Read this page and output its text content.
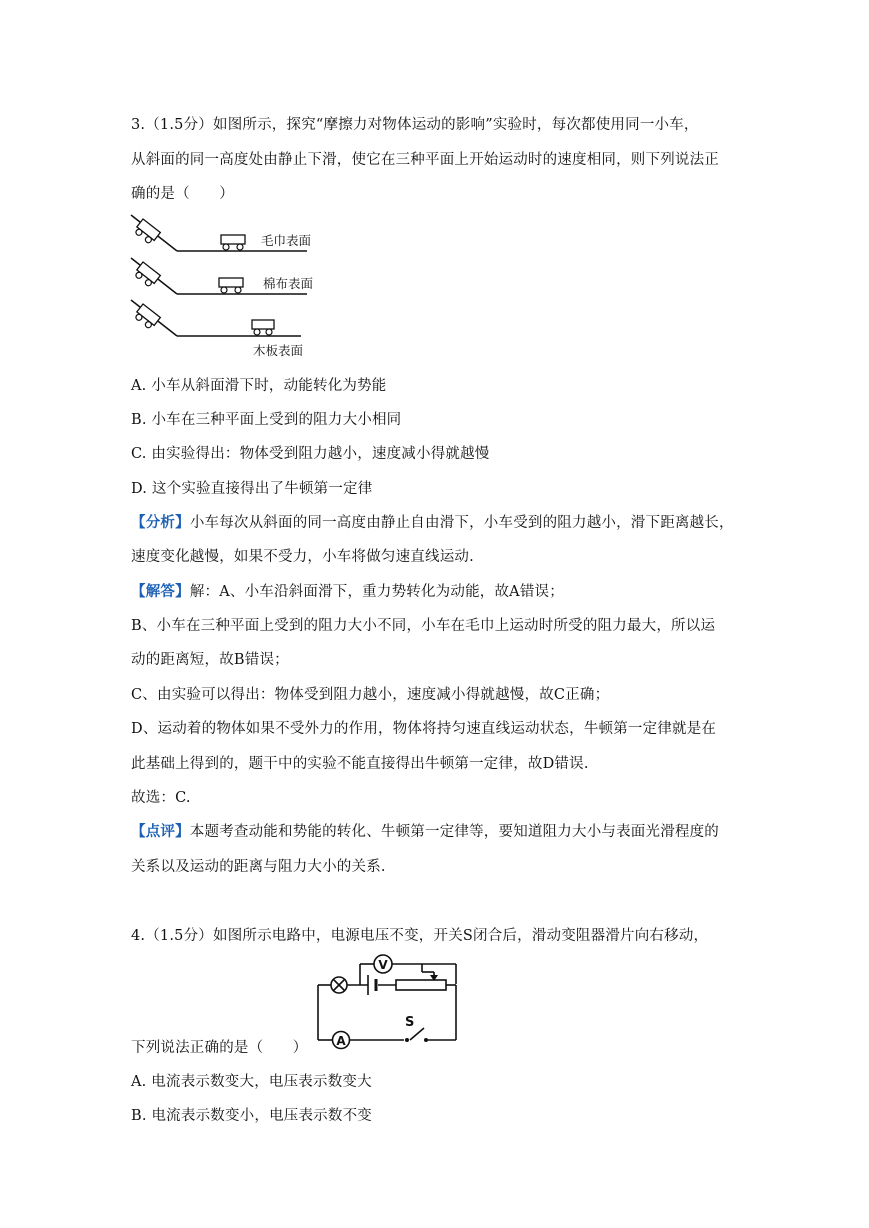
3.（1.5分）如图所示，探究“摩擦力对物体运动的影响”实验时，每次都使用同一小车，
从斜面的同一高度处由静止下滑，使它在三种平面上开始运动时的速度相同，则下列说法正
确的是（　　）
毛巾表面
棉布表面
木板表面
A. 小车从斜面滑下时，动能转化为势能
B. 小车在三种平面上受到的阻力大小相同
C. 由实验得出：物体受到阻力越小，速度减小得就越慢
D. 这个实验直接得出了牛顿第一定律
【分析】小车每次从斜面的同一高度由静止自由滑下，小车受到的阻力越小，滑下距离越长，
速度变化越慢，如果不受力，小车将做匀速直线运动.
【解答】解：A、小车沿斜面滑下，重力势转化为动能，故A错误；
B、小车在三种平面上受到的阻力大小不同，小车在毛巾上运动时所受的阻力最大，所以运
动的距离短，故B错误；
C、由实验可以得出：物体受到阻力越小，速度减小得就越慢，故C正确；
D、运动着的物体如果不受外力的作用，物体将持匀速直线运动状态，牛顿第一定律就是在
此基础上得到的，题干中的实验不能直接得出牛顿第一定律，故D错误.
故选：C.
【点评】本题考查动能和势能的转化、牛顿第一定律等，要知道阻力大小与表面光滑程度的
关系以及运动的距离与阻力大小的关系.
4.（1.5分）如图所示电路中，电源电压不变，开关S闭合后，滑动变阻器滑片向右移动，
V
A
S
下列说法正确的是（　　）
A. 电流表示数变大，电压表示数变大
B. 电流表示数变小，电压表示数不变
